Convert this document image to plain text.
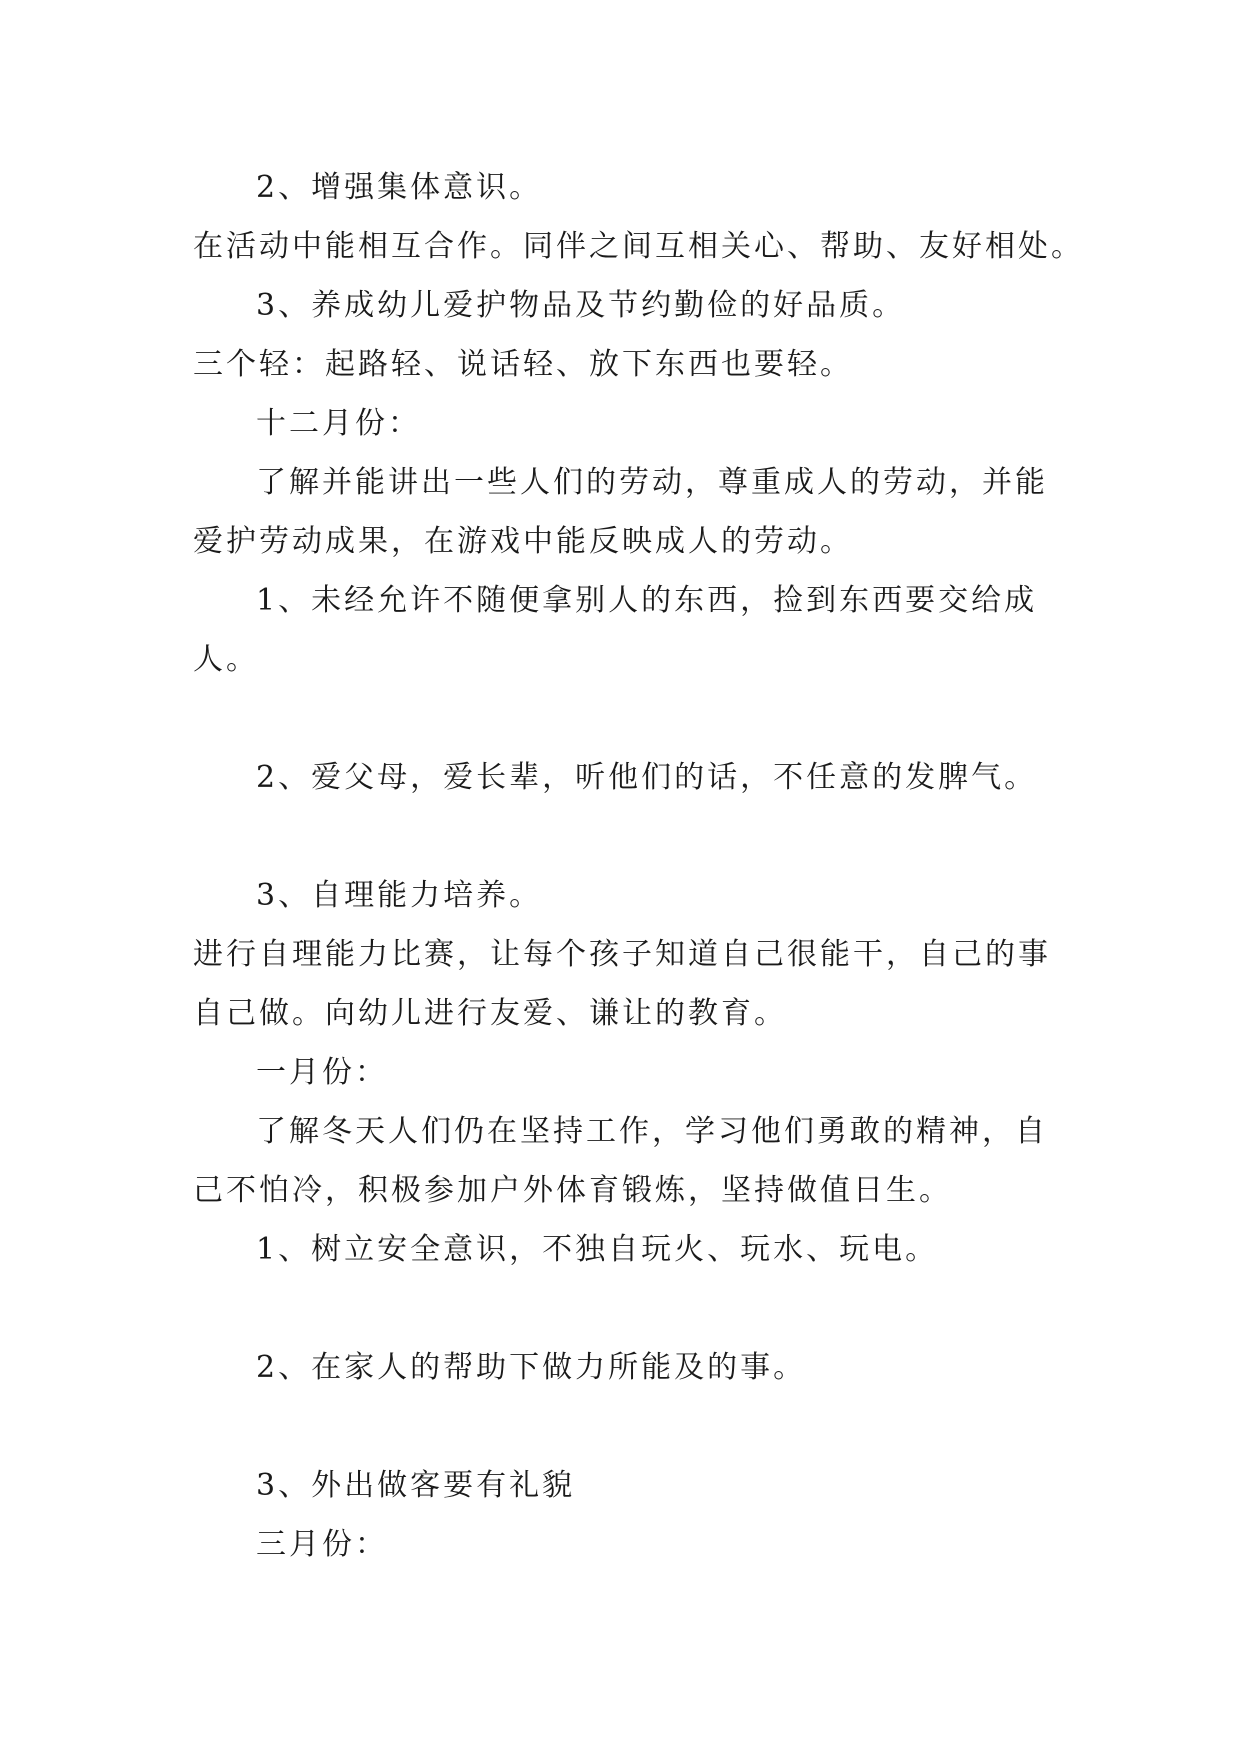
2、增强集体意识。

在活动中能相互合作。同伴之间互相关心、帮助、友好相处。

3、养成幼儿爱护物品及节约勤俭的好品质。

三个轻：起路轻、说话轻、放下东西也要轻。

十二月份：

了解并能讲出一些人们的劳动，尊重成人的劳动，并能

爱护劳动成果，在游戏中能反映成人的劳动。

1、未经允许不随便拿别人的东西，捡到东西要交给成

人。

2、爱父母，爱长辈，听他们的话，不任意的发脾气。

3、自理能力培养。

进行自理能力比赛，让每个孩子知道自己很能干，自己的事

自己做。向幼儿进行友爱、谦让的教育。

一月份：

了解冬天人们仍在坚持工作，学习他们勇敢的精神，自

己不怕冷，积极参加户外体育锻炼，坚持做值日生。

1、树立安全意识，不独自玩火、玩水、玩电。

2、在家人的帮助下做力所能及的事。

3、外出做客要有礼貌

三月份：
